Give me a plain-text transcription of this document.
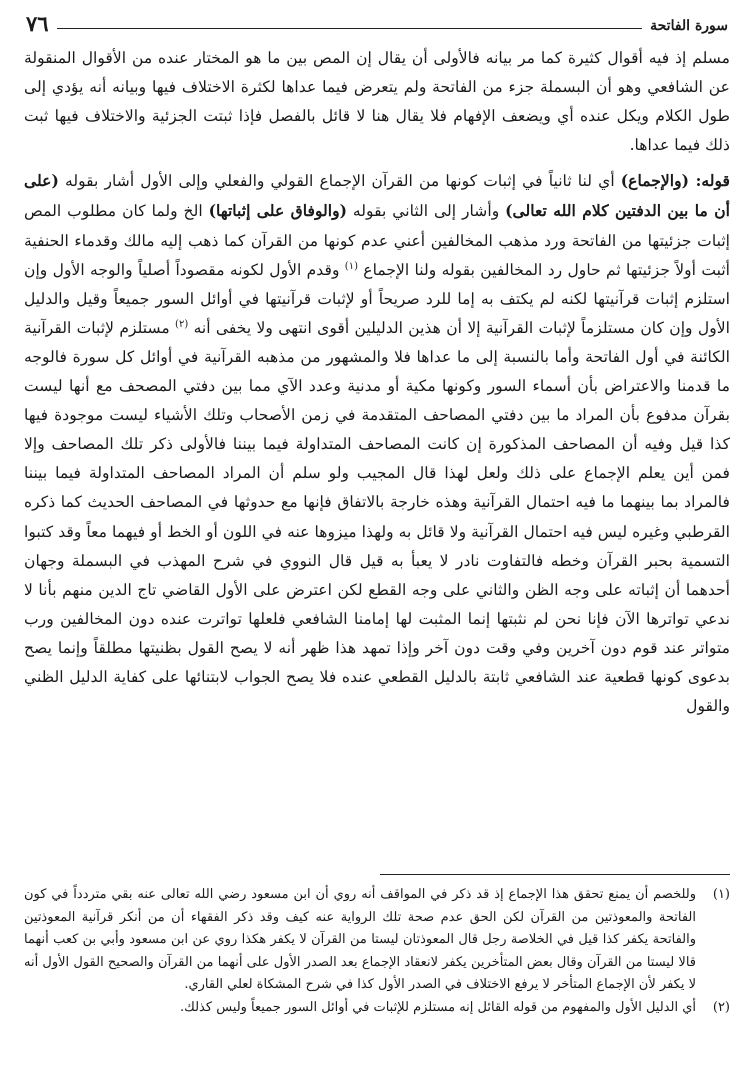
سورة الفاتحة
٧٦

مسلم إذ فيه أقوال كثيرة كما مر بيانه فالأولى أن يقال إن المص بين ما هو المختار عنده من الأقوال المنقولة عن الشافعي وهو أن البسملة جزء من الفاتحة ولم يتعرض فيما عداها لكثرة الاختلاف فيها وبيانه أنه يؤدي إلى طول الكلام ويكل عنده أي ويضعف الإفهام فلا يقال هنا لا قائل بالفصل فإذا ثبتت الجزئية والاختلاف فيها ثبت ذلك فيما عداها.

قوله: (والإجماع) أي لنا ثانياً في إثبات كونها من القرآن الإجماع القولي والفعلي وإلى الأول أشار بقوله (على أن ما بين الدفتين كلام الله تعالى) وأشار إلى الثاني بقوله (والوفاق على إثباتها) الخ ولما كان مطلوب المص إثبات جزئيتها من الفاتحة ورد مذهب المخالفين أعني عدم كونها من القرآن كما ذهب إليه مالك وقدماء الحنفية أثبت أولاً جزئيتها ثم حاول رد المخالفين بقوله ولنا الإجماع $^{(١)}$ وقدم الأول لكونه مقصوداً أصلياً والوجه الأول وإن استلزم إثبات قرآنيتها لكنه لم يكتف به إما للرد صريحاً أو لإثبات قرآنيتها في أوائل السور جميعاً وقيل والدليل الأول وإن كان مستلزماً لإثبات القرآنية إلا أن هذين الدليلين أقوى انتهى ولا يخفى أنه $^{(٢)}$ مستلزم لإثبات القرآنية الكائنة في أول الفاتحة وأما بالنسبة إلى ما عداها فلا والمشهور من مذهبه القرآنية في أوائل كل سورة فالوجه ما قدمنا والاعتراض بأن أسماء السور وكونها مكية أو مدنية وعدد الآي مما بين دفتي المصحف مع أنها ليست بقرآن مدفوع بأن المراد ما بين دفتي المصاحف المتقدمة في زمن الأصحاب وتلك الأشياء ليست موجودة فيها كذا قيل وفيه أن المصاحف المذكورة إن كانت المصاحف المتداولة فيما بيننا فالأولى ذكر تلك المصاحف وإلا فمن أين يعلم الإجماع على ذلك ولعل لهذا قال المجيب ولو سلم أن المراد المصاحف المتداولة فيما بيننا فالمراد بما بينهما ما فيه احتمال القرآنية وهذه خارجة بالاتفاق فإنها مع حدوثها في المصاحف الحديث كما ذكره القرطبي وغيره ليس فيه احتمال القرآنية ولا قائل به ولهذا ميزوها عنه في اللون أو الخط أو فيهما معاً وقد كتبوا التسمية بحبر القرآن وخطه فالتفاوت نادر لا يعبأ به قيل قال النووي في شرح المهذب في البسملة وجهان أحدهما أن إثباته على وجه الظن والثاني على وجه القطع لكن اعترض على الأول القاضي تاج الدين منهم بأنا لا ندعي تواترها الآن فإنا نحن لم نثبتها إنما المثبت لها إمامنا الشافعي فلعلها تواترت عنده دون المخالفين ورب متواتر عند قوم دون آخرين وفي وقت دون آخر وإذا تمهد هذا ظهر أنه لا يصح القول بظنيتها مطلقاً وإنما يصح بدعوى كونها قطعية عند الشافعي ثابتة بالدليل القطعي عنده فلا يصح الجواب لابتنائها على كفاية الدليل الظني والقول

(١)
وللخصم أن يمنع تحقق هذا الإجماع إذ قد ذكر في المواقف أنه روي أن ابن مسعود رضي الله تعالى عنه بقي متردداً في كون الفاتحة والمعوذتين من القرآن لكن الحق عدم صحة تلك الرواية عنه كيف وقد ذكر الفقهاء أن من أنكر قرآنية المعوذتين والفاتحة يكفر كذا قيل في الخلاصة رجل قال المعوذتان ليستا من القرآن لا يكفر هكذا روي عن ابن مسعود وأبي بن كعب أنهما قالا ليستا من القرآن وقال بعض المتأخرين يكفر لانعقاد الإجماع بعد الصدر الأول على أنهما من القرآن والصحيح القول الأول أنه لا يكفر لأن الإجماع المتأخر لا يرفع الاختلاف في الصدر الأول كذا في شرح المشكاة لعلي القاري.
(٢)
أي الدليل الأول والمفهوم من قوله القائل إنه مستلزم للإثبات في أوائل السور جميعاً وليس كذلك.
